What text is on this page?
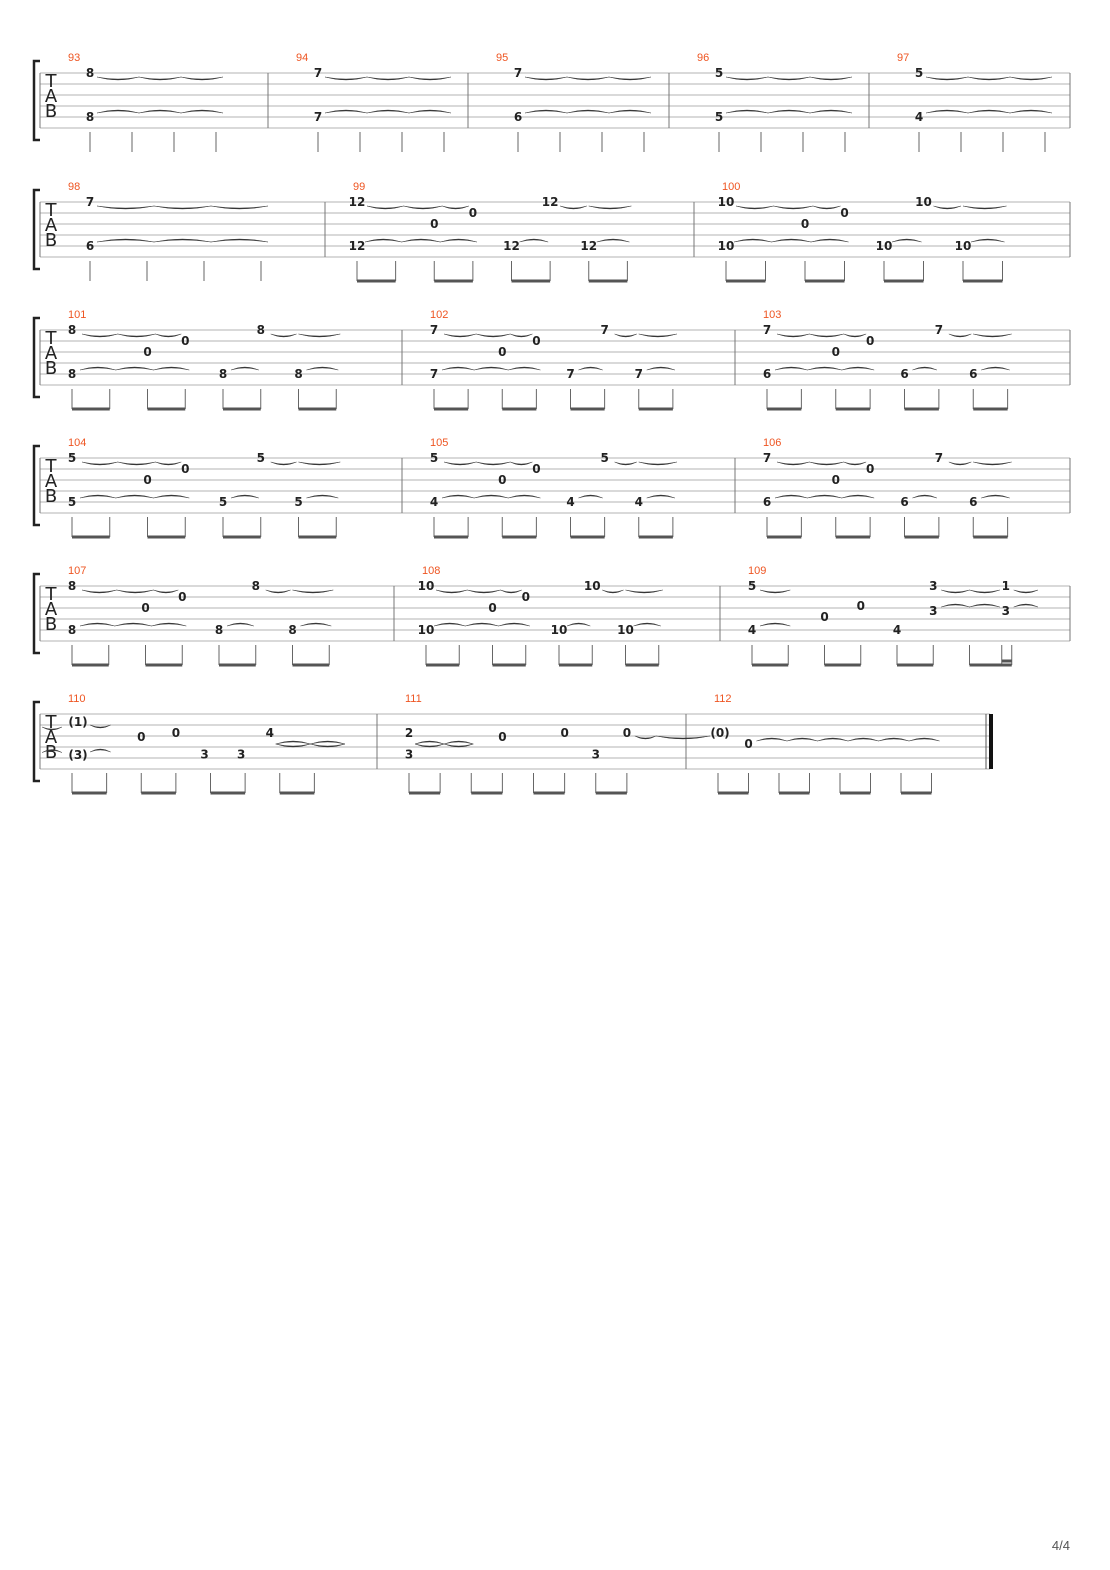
93	94	95	96	97
T
A
B
8
8
7
7
7
6
5
5
5
4
98	99	100
T
A
B
7
6
12
0
0
12
12	12	12
10
0
0
10
10	10	10
101	102	103
T
A
B
8
0
0
8
8	8	8
7
0
0
7
7	7	7
7
0
0
7
6	6	6
104	105	106
T
A
B
5
0
0
5
5	5	5
5
0
0
5
4	4	4
7
0
0
7
6	6	6
107	108	109
T
A
B
8
0
0
8
8	8	8
10
0
0
10
10	10	10
5
0
0
3	1
4	4
3	3
110	111	112
T
A
B
(1)
0 0	4
(3)	3 3
2	0	0	0
3	3
(0)
0
4/4
